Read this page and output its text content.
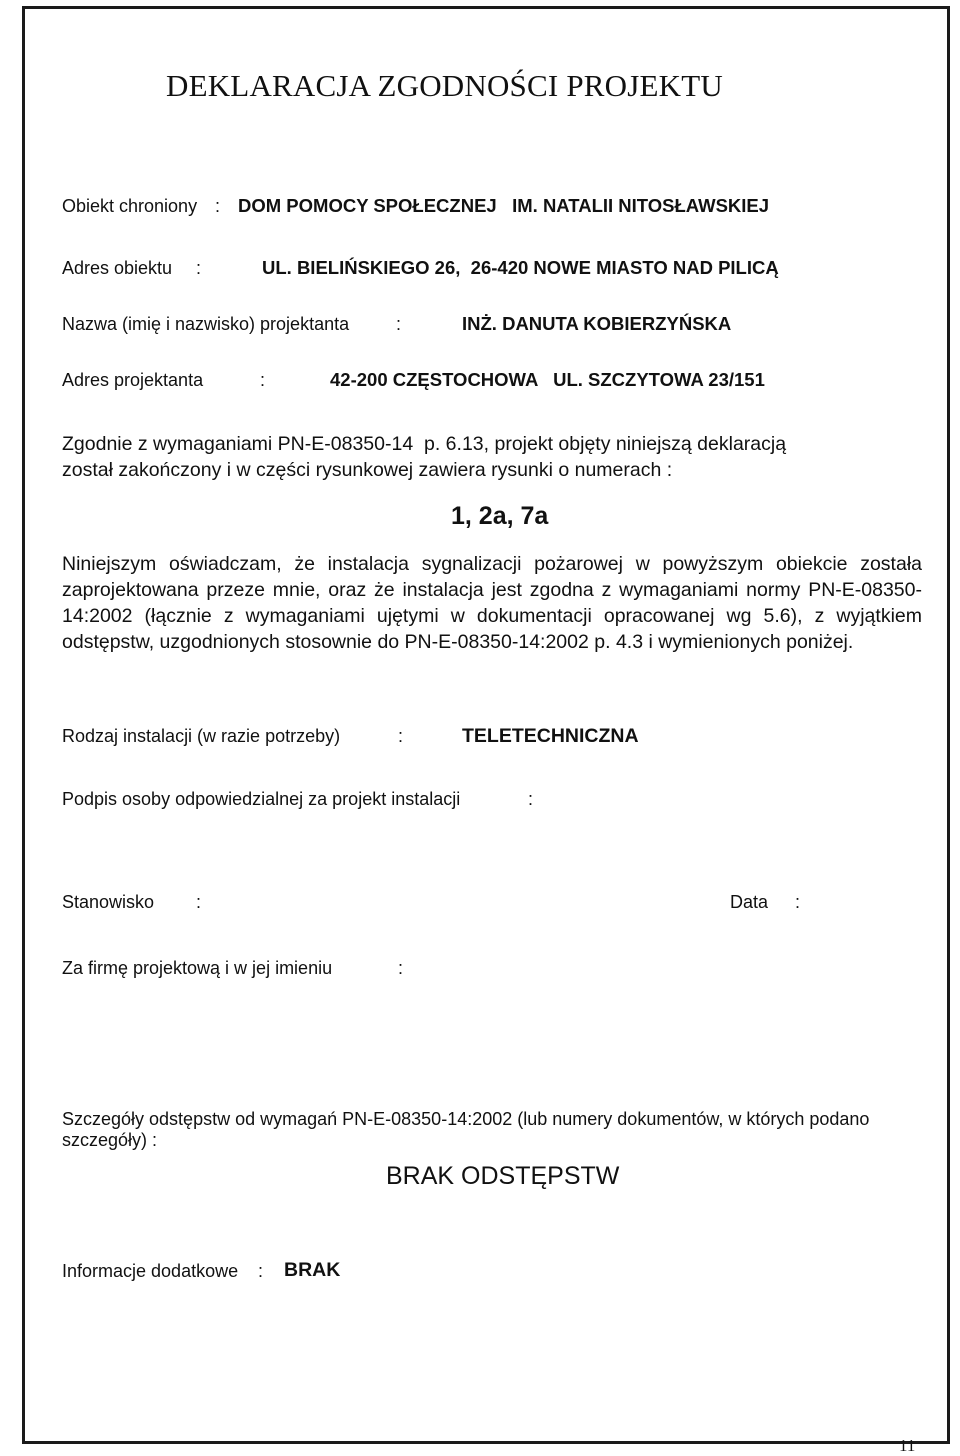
DEKLARACJA ZGODNOŚCI PROJEKTU
Obiekt chroniony : DOM POMOCY SPOŁECZNEJ   IM. NATALII NITOSŁAWSKIEJ
Adres obiektu :	UL. BIELIŃSKIEGO 26,  26-420 NOWE MIASTO NAD PILICĄ
Nazwa (imię i nazwisko) projektanta	:	INŻ. DANUTA KOBIERZYŃSKA
Adres projektanta	:	42-200 CZĘSTOCHOWA   UL. SZCZYTOWA 23/151
Zgodnie z wymaganiami PN-E-08350-14  p. 6.13, projekt objęty niniejszą deklaracją
został zakończony i w części rysunkowej zawiera rysunki o numerach :
1, 2a, 7a
Niniejszym oświadczam, że instalacja sygnalizacji pożarowej w powyższym obiekcie została zaprojektowana przeze mnie, oraz że instalacja jest zgodna z wymaganiami normy PN-E-08350-14:2002 (łącznie z wymaganiami ujętymi w dokumentacji opracowanej wg 5.6), z wyjątkiem odstępstw, uzgodnionych stosownie do PN-E-08350-14:2002 p. 4.3 i wymienionych poniżej.
Rodzaj instalacji (w razie potrzeby)	:	TELETECHNICZNA
Podpis osoby odpowiedzialnej za projekt instalacji	:
Stanowisko :	Data :
Za firmę projektową i w jej imieniu	:
Szczegóły odstępstw od wymagań PN-E-08350-14:2002 (lub numery dokumentów, w których podano szczegóły) :
BRAK ODSTĘPSTW
Informacje dodatkowe : BRAK
11
